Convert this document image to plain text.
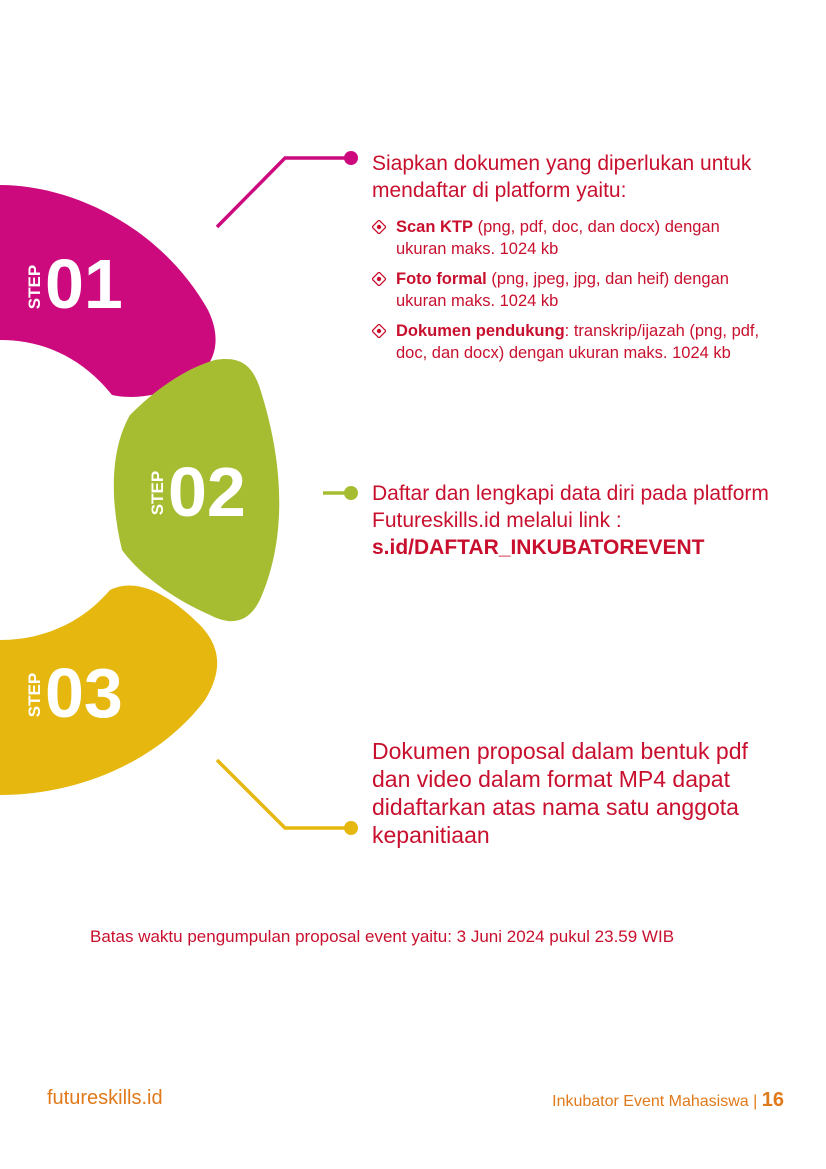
STEP 01
STEP 02
STEP 03

Siapkan dokumen yang diperlukan untuk mendaftar di platform yaitu:

Scan KTP (png, pdf, doc, dan docx) dengan ukuran maks. 1024 kb
Foto formal (png, jpeg, jpg, dan heif) dengan ukuran maks. 1024 kb
Dokumen pendukung: transkrip/ijazah (png, pdf, doc, dan docx) dengan ukuran maks. 1024 kb

Daftar dan lengkapi data diri pada platform Futureskills.id melalui link :

s.id/DAFTAR_INKUBATOREVENT

Dokumen proposal dalam bentuk pdf dan video dalam format MP4 dapat didaftarkan atas nama satu anggota kepanitiaan

Batas waktu pengumpulan proposal event yaitu: 3 Juni 2024 pukul 23.59 WIB
futureskills.id	Inkubator Event Mahasiswa | 16
